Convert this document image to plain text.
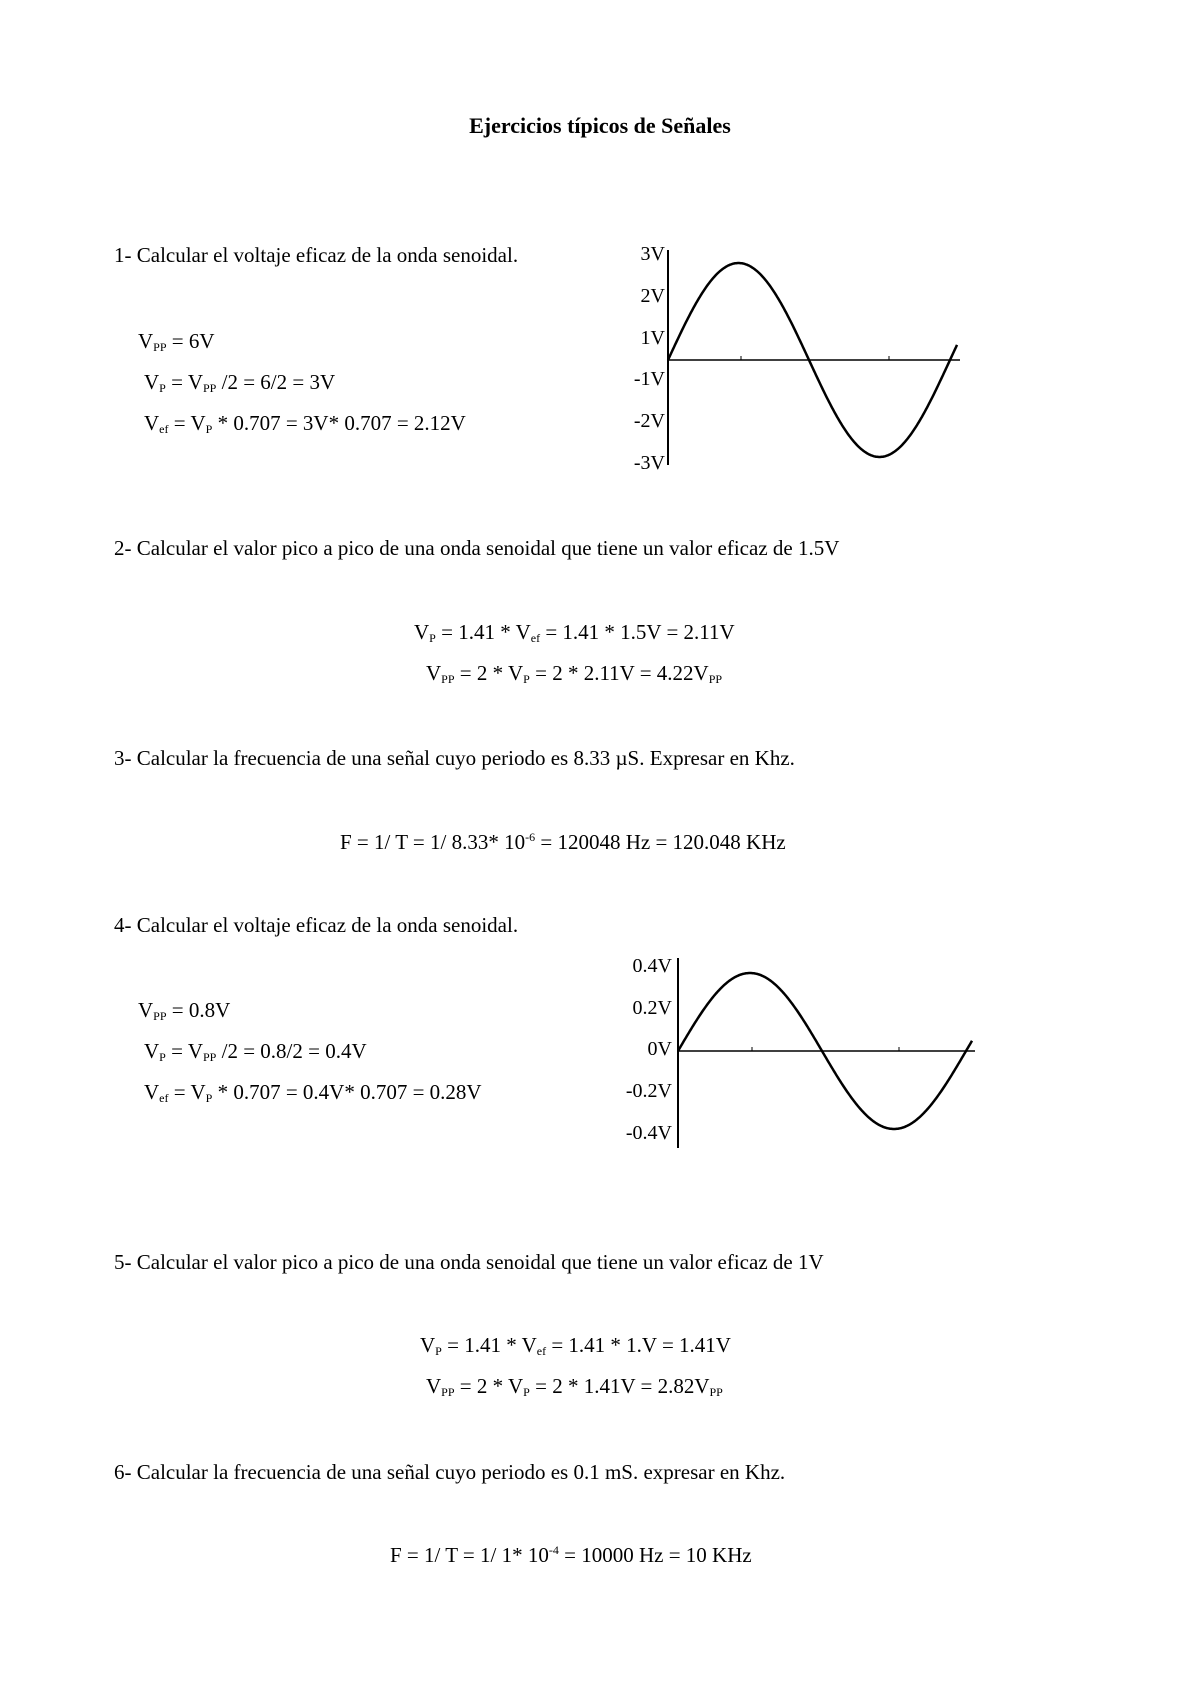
Ejercicios típicos de Señales
1- Calcular el voltaje eficaz de la onda senoidal.
$V_{PP} = 6V$
$V_P = V_{PP}$ /2 = 6/2 = 3V
$V_{ef} = V_P * 0.707 = 3V*$ 0.707 = 2.12V
3V
2V
1V
-1V
-2V
-3V
2- Calcular el valor pico a pico de una onda senoidal que tiene un valor eficaz de 1.5V
$V_P = 1.41 * V_{ef} = 1.41 * 1.5V = 2.11V$
$V_{PP} = 2 * V_P = 2 * 2.11V = 4.22V_{PP}$
3- Calcular la frecuencia de una señal cuyo periodo es 8.33 µS. Expresar en Khz.
F = 1/ T = 1/ 8.33* $10^{-6} = 120048$ Hz = 120.048 KHz
4- Calcular el voltaje eficaz de la onda senoidal.
$V_{PP} = 0.8V$
$V_P = V_{PP}$ /2 = 0.8/2 = 0.4V
$V_{ef} = V_P * 0.707 = 0.4V*$ 0.707 = 0.28V
0.4V
0.2V
0V
-0.2V
-0.4V
5- Calcular el valor pico a pico de una onda senoidal que tiene un valor eficaz de 1V
$V_P = 1.41 * V_{ef} = 1.41 * 1.V = 1.41V$
$V_{PP} = 2 * V_P = 2 * 1.41V = 2.82V_{PP}$
6- Calcular la frecuencia de una señal cuyo periodo es 0.1 mS. expresar en Khz.
F = 1/ T = 1/ 1* $10^{-4} = 10000$ Hz = 10 KHz
